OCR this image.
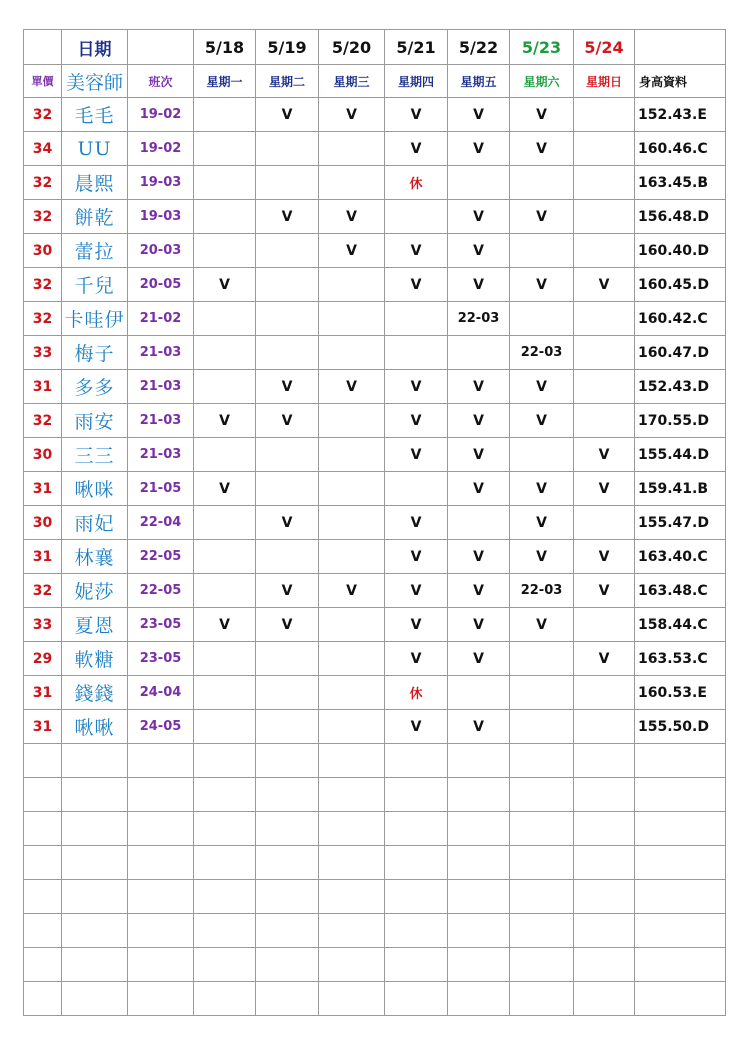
	日期		5/18	5/19	5/20	5/21	5/22	5/23	5/24	
單價	美容師	班次	星期一	星期二	星期三	星期四	星期五	星期六	星期日	身高資料
32	毛毛	19-02		V	V	V	V	V		152.43.E
34	UU	19-02				V	V	V		160.46.C
32	晨熙	19-03				休				163.45.B
32	餅乾	19-03		V	V		V	V		156.48.D
30	蕾拉	20-03			V	V	V			160.40.D
32	千兒	20-05	V			V	V	V	V	160.45.D
32	卡哇伊	21-02					22-03			160.42.C
33	梅子	21-03						22-03		160.47.D
31	多多	21-03		V	V	V	V	V		152.43.D
32	雨安	21-03	V	V		V	V	V		170.55.D
30	三三	21-03				V	V		V	155.44.D
31	啾咪	21-05	V				V	V	V	159.41.B
30	雨妃	22-04		V		V		V		155.47.D
31	林襄	22-05				V	V	V	V	163.40.C
32	妮莎	22-05		V	V	V	V	22-03	V	163.48.C
33	夏恩	23-05	V	V		V	V	V		158.44.C
29	軟糖	23-05				V	V		V	163.53.C
31	錢錢	24-04				休				160.53.E
31	啾啾	24-05				V	V			155.50.D
